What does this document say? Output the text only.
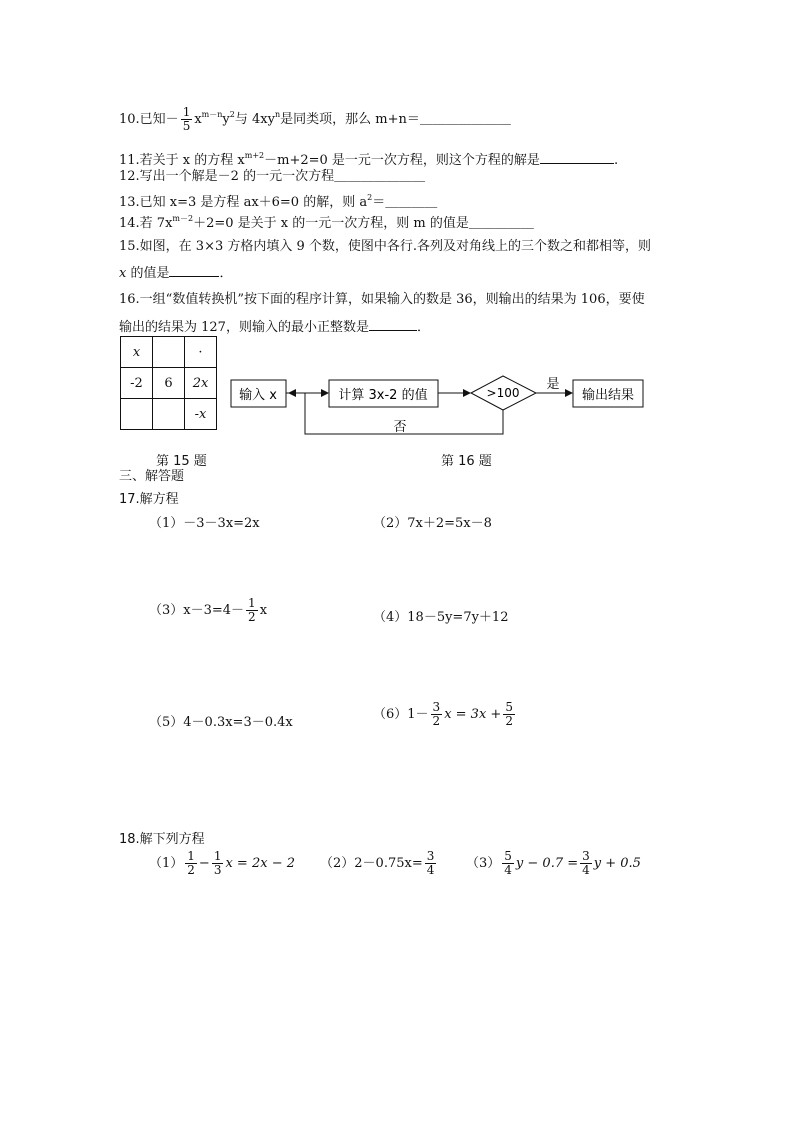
10.已知－ $\frac{1}{5} x^{m-n}y^2$与 $4xy^n$是同类项，那么 m+n＝＿＿＿＿＿＿＿
11.若关于 x 的方程 $x^{m+2}-m+2=0$ 是一元一次方程，则这个方程的解是	.
12.写出一个解是－2 的一元一次方程＿＿＿＿＿＿＿
13.已知 x=3 是方程 ax＋6=0 的解，则 $a^2=\_\_\_\_$
14.若 $7x^{m-2}+2=0$ 是关于 x 的一元一次方程，则 m 的值是＿＿＿＿＿
15.如图，在 3×3 方格内填入 9 个数，使图中各行.各列及对角线上的三个数之和都相等，则
x 的值是	．
16.一组“数值转换机”按下面的程序计算，如果输入的数是 36，则输出的结果为 106，要使
输出的结果为 127，则输入的最小正整数是	．
x		·
-2	6	2x
		-x
输入 x	计算 3x-2 的值	>100
是
输出结果
否
第 15 题	第 16 题
三、解答题
17.解方程
（1）－3－3x=2x	（2）7x＋2=5x－8
$(3)x-3=4- \frac{1}{2}$ x	（4）18－5y=7y＋12
（5）4－0.3x=3－0.4x
$(6)1- \frac{3}{2}$ $x = 3x + \frac{5}{2}$
18.解下列方程
$(1) \frac{1}{2} - \frac{1}{3}$ x = 2x − 2 $(2)2-0.75x= \frac{3}{4} (3) \frac{5}{4}$ $y - 0.7 = \frac{3}{4}$ y + 0.5
